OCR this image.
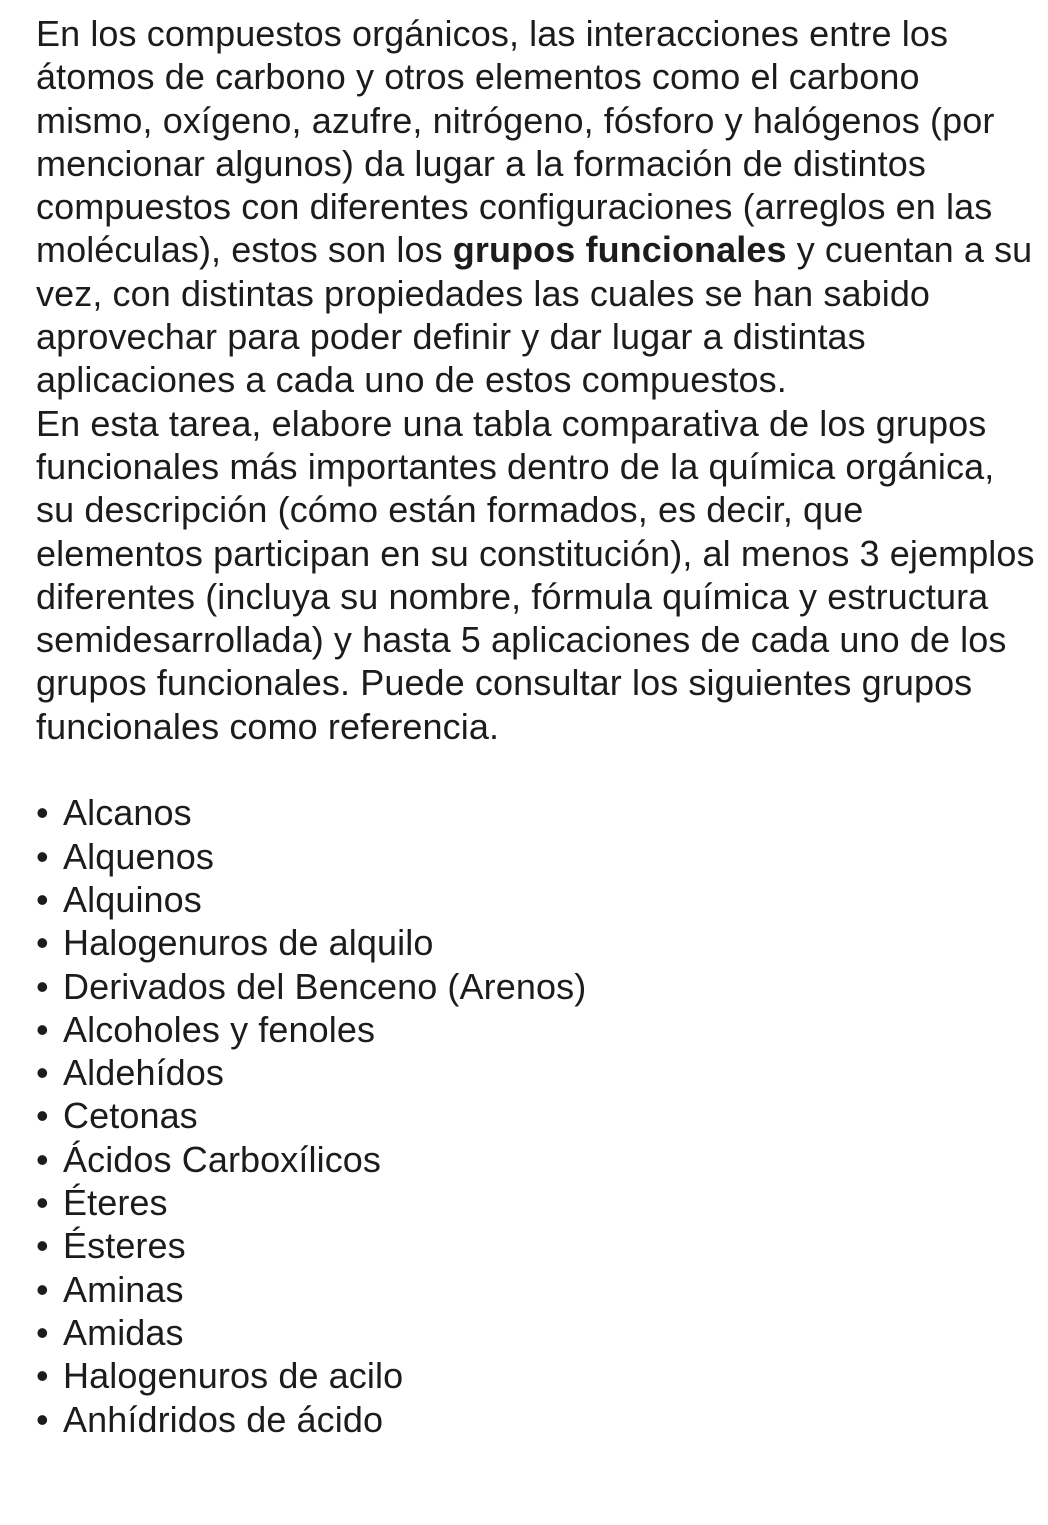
En los compuestos orgánicos, las interacciones entre los átomos de carbono y otros elementos como el carbono mismo, oxígeno, azufre, nitrógeno, fósforo y halógenos (por mencionar algunos) da lugar a la formación de distintos compuestos con diferentes configuraciones (arreglos en las moléculas), estos son los grupos funcionales y cuentan a su vez, con distintas propiedades las cuales se han sabido aprovechar para poder definir y dar lugar a distintas aplicaciones a cada uno de estos compuestos.

En esta tarea, elabore una tabla comparativa de los grupos funcionales más importantes dentro de la química orgánica, su descripción (cómo están formados, es decir, que elementos participan en su constitución), al menos 3 ejemplos diferentes (incluya su nombre, fórmula química y estructura semidesarrollada) y hasta 5 aplicaciones de cada uno de los grupos funcionales. Puede consultar los siguientes grupos funcionales como referencia.

• Alcanos
• Alquenos
• Alquinos
• Halogenuros de alquilo
• Derivados del Benceno (Arenos)
• Alcoholes y fenoles
• Aldehídos
• Cetonas
• Ácidos Carboxílicos
• Éteres
• Ésteres
• Aminas
• Amidas
• Halogenuros de acilo
• Anhídridos de ácido
